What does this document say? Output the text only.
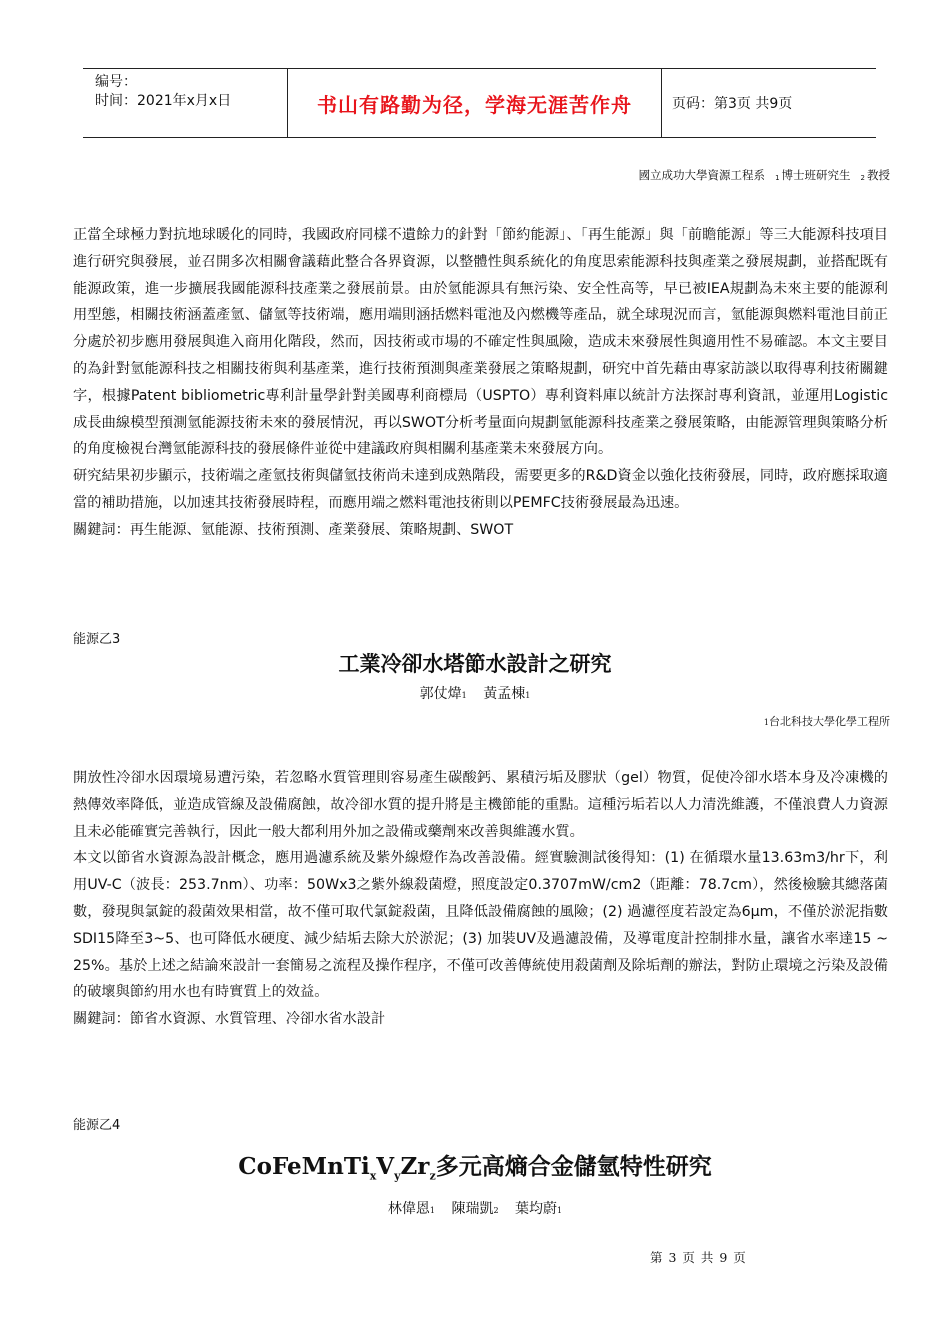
编号：
时间：2021年x月x日	书山有路勤为径，学海无涯苦作舟	页码：第3页 共9页
國立成功大學資源工程系 $^1$ 博士班研究生 $^2$ 教授

正當全球極力對抗地球暖化的同時，我國政府同樣不遺餘力的針對「節約能源」、「再生能源」與「前瞻能源」等三大能源科技項目進行研究與發展，並召開多次相關會議藉此整合各界資源，以整體性與系統化的角度思索能源科技與產業之發展規劃，並搭配既有能源政策，進一步擴展我國能源科技產業之發展前景。由於氫能源具有無污染、安全性高等，早已被IEA規劃為未來主要的能源利用型態，相關技術涵蓋產氫、儲氫等技術端，應用端則涵括燃料電池及內燃機等產品，就全球現況而言，氫能源與燃料電池目前正分處於初步應用發展與進入商用化階段，然而，因技術或市場的不確定性與風險，造成未來發展性與適用性不易確認。本文主要目的為針對氫能源科技之相關技術與利基產業，進行技術預測與產業發展之策略規劃，研究中首先藉由專家訪談以取得專利技術關鍵字，根據Patent bibliometric專利計量學針對美國專利商標局（USPTO）專利資料庫以統計方法探討專利資訊，並運用Logistic成長曲線模型預測氫能源技術未來的發展情況，再以SWOT分析考量面向規劃氫能源科技產業之發展策略，由能源管理與策略分析的角度檢視台灣氫能源科技的發展條件並從中建議政府與相關利基產業未來發展方向。

研究結果初步顯示，技術端之產氫技術與儲氫技術尚未達到成熟階段，需要更多的R&D資金以強化技術發展，同時，政府應採取適當的補助措施，以加速其技術發展時程，而應用端之燃料電池技術則以PEMFC技術發展最為迅速。

關鍵詞：再生能源、氫能源、技術預測、產業發展、策略規劃、SWOT

能源乙3
工業冷卻水塔節水設計之研究
郭仗煒1 黃孟棟1
1台北科技大學化學工程所

開放性冷卻水因環境易遭污染，若忽略水質管理則容易產生碳酸鈣、累積污垢及膠狀（gel）物質，促使冷卻水塔本身及冷凍機的熱傳效率降低，並造成管線及設備腐蝕，故冷卻水質的提升將是主機節能的重點。這種污垢若以人力清洗維護，不僅浪費人力資源且未必能確實完善執行，因此一般大都利用外加之設備或藥劑來改善與維護水質。

本文以節省水資源為設計概念，應用過濾系統及紫外線燈作為改善設備。經實驗測試後得知：(1) 在循環水量13.63m3/hr下，利用UV-C（波長：253.7nm）、功率：50Wx3之紫外線殺菌燈，照度設定0.3707mW/cm2（距離：78.7cm），然後檢驗其總落菌數，發現與氯錠的殺菌效果相當，故不僅可取代氯錠殺菌，且降低設備腐蝕的風險；(2) 過濾徑度若設定為6μm，不僅於淤泥指數SDI15降至3~5、也可降低水硬度、減少結垢去除大於淤泥；(3) 加裝UV及過濾設備，及導電度計控制排水量，讓省水率達15 ~ 25%。基於上述之結論來設計一套簡易之流程及操作程序，不僅可改善傳統使用殺菌劑及除垢劑的辦法，對防止環境之污染及設備的破壞與節約用水也有時實質上的效益。

關鍵詞：節省水資源、水質管理、冷卻水省水設計

能源乙4
$CoFeMnTi_xV_yZr_z$多元高熵合金儲氫特性研究
林偉恩1 陳瑞凱2 葉均蔚1
第 3 页 共 9 页
